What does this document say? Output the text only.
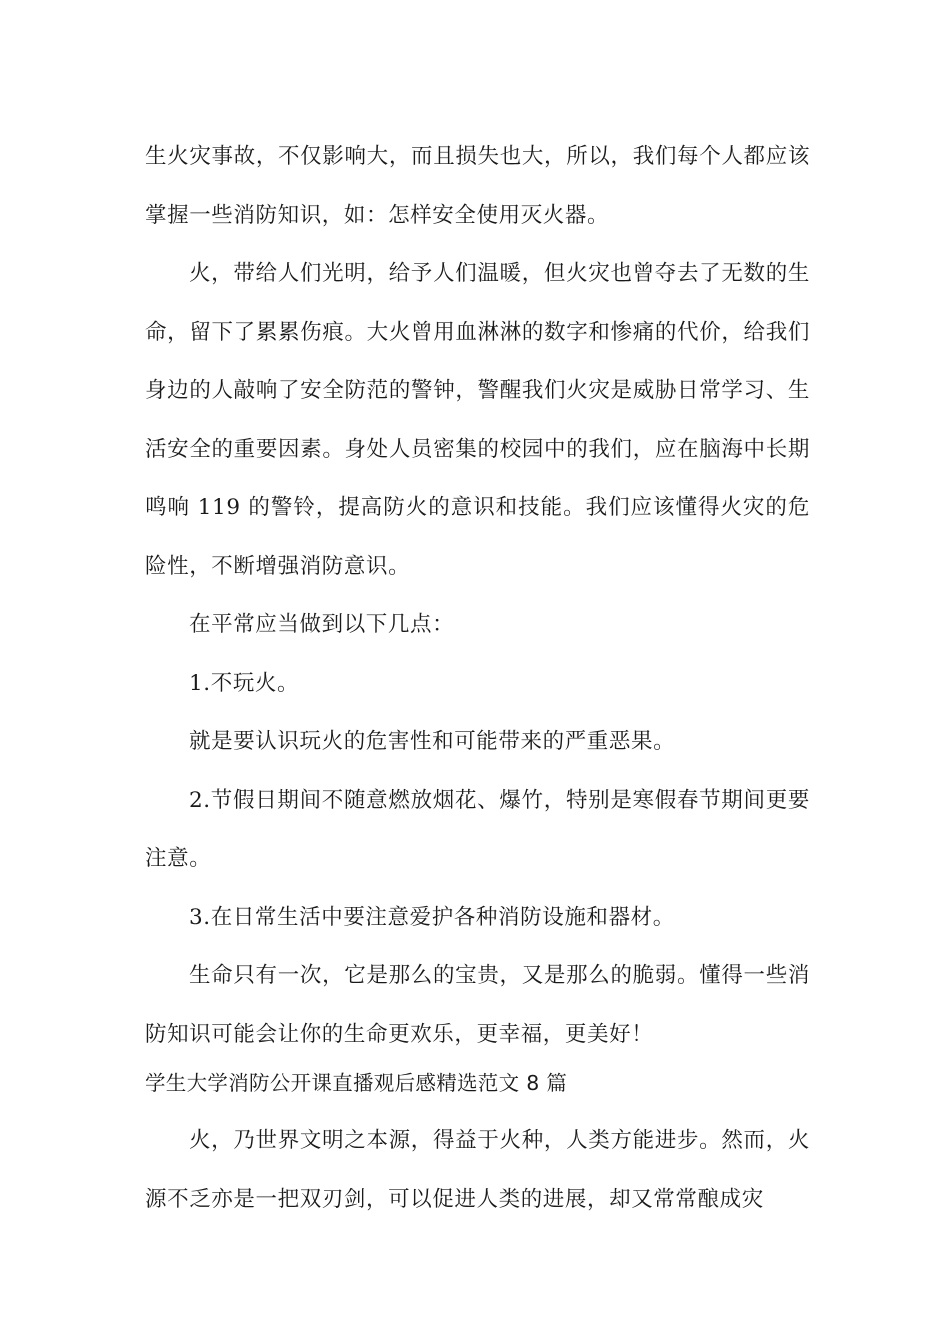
生火灾事故，不仅影响大，而且损失也大，所以，我们每个人都应该掌握一些消防知识，如：怎样安全使用灭火器。

火，带给人们光明，给予人们温暖，但火灾也曾夺去了无数的生命，留下了累累伤痕。大火曾用血淋淋的数字和惨痛的代价，给我们身边的人敲响了安全防范的警钟，警醒我们火灾是威胁日常学习、生活安全的重要因素。身处人员密集的校园中的我们，应在脑海中长期鸣响 119 的警铃，提高防火的意识和技能。我们应该懂得火灾的危险性，不断增强消防意识。

在平常应当做到以下几点：

1.不玩火。

就是要认识玩火的危害性和可能带来的严重恶果。

2.节假日期间不随意燃放烟花、爆竹，特别是寒假春节期间更要注意。

3.在日常生活中要注意爱护各种消防设施和器材。

生命只有一次，它是那么的宝贵，又是那么的脆弱。懂得一些消防知识可能会让你的生命更欢乐，更幸福，更美好！

学生大学消防公开课直播观后感精选范文 8 篇

火，乃世界文明之本源，得益于火种，人类方能进步。然而，火源不乏亦是一把双刃剑，可以促进人类的进展，却又常常酿成灾
